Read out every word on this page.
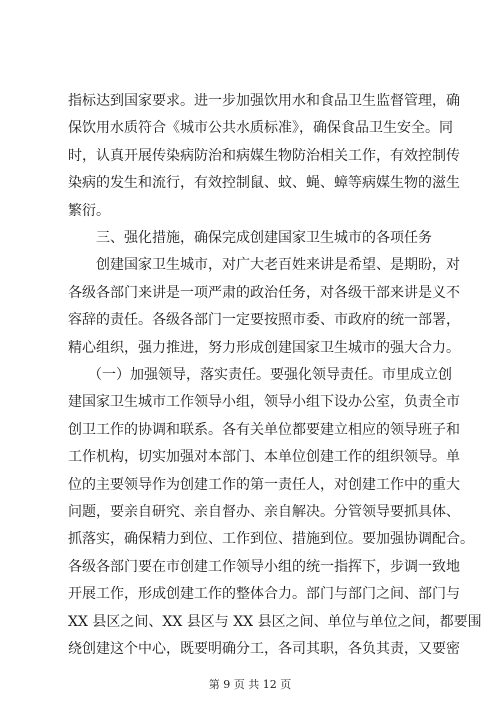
指标达到国家要求。进一步加强饮用水和食品卫生监督管理，确
保饮用水质符合《城市公共水质标准》，确保食品卫生安全。同
时，认真开展传染病防治和病媒生物防治相关工作，有效控制传
染病的发生和流行，有效控制鼠、蚊、蝇、蟑等病媒生物的滋生
繁衍。
三、强化措施，确保完成创建国家卫生城市的各项任务
创建国家卫生城市，对广大老百姓来讲是希望、是期盼，对
各级各部门来讲是一项严肃的政治任务，对各级干部来讲是义不
容辞的责任。各级各部门一定要按照市委、市政府的统一部署，
精心组织，强力推进，努力形成创建国家卫生城市的强大合力。
（一）加强领导，落实责任。要强化领导责任。市里成立创
建国家卫生城市工作领导小组，领导小组下设办公室，负责全市
创卫工作的协调和联系。各有关单位都要建立相应的领导班子和
工作机构，切实加强对本部门、本单位创建工作的组织领导。单
位的主要领导作为创建工作的第一责任人，对创建工作中的重大
问题，要亲自研究、亲自督办、亲自解决。分管领导要抓具体、
抓落实，确保精力到位、工作到位、措施到位。要加强协调配合。
各级各部门要在市创建工作领导小组的统一指挥下，步调一致地
开展工作，形成创建工作的整体合力。部门与部门之间、部门与
XX 县区之间、XX 县区与 XX 县区之间、单位与单位之间，都要围
绕创建这个中心，既要明确分工，各司其职，各负其责，又要密
第 9 页 共 12 页
